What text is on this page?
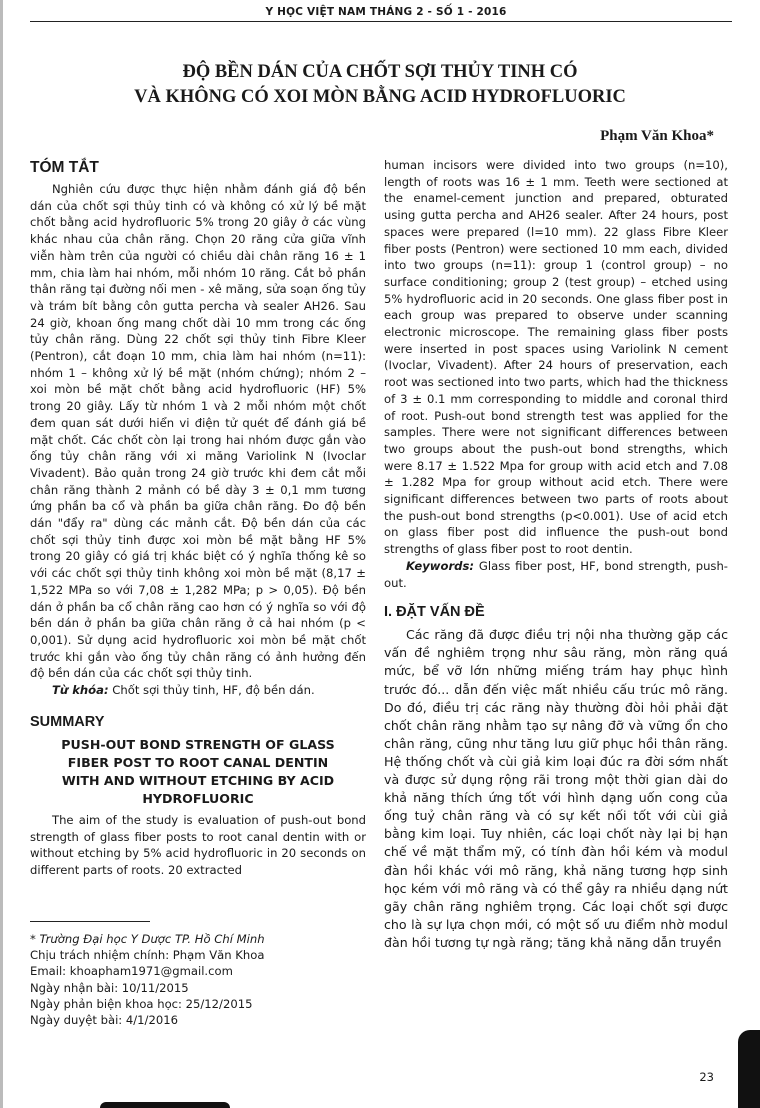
Y HỌC VIỆT NAM THÁNG 2 - SỐ 1 - 2016
ĐỘ BỀN DÁN CỦA CHỐT SỢI THỦY TINH CÓ
VÀ KHÔNG CÓ XOI MÒN BẰNG ACID HYDROFLUORIC
Phạm Văn Khoa*
TÓM TẮT

Nghiên cứu được thực hiện nhằm đánh giá độ bền dán của chốt sợi thủy tinh có và không có xử lý bề mặt chốt bằng acid hydrofluoric 5% trong 20 giây ở các vùng khác nhau của chân răng. Chọn 20 răng cửa giữa vĩnh viễn hàm trên của người có chiều dài chân răng 16 ± 1 mm, chia làm hai nhóm, mỗi nhóm 10 răng. Cắt bỏ phần thân răng tại đường nối men - xê măng, sửa soạn ống tủy và trám bít bằng côn gutta percha và sealer AH26. Sau 24 giờ, khoan ống mang chốt dài 10 mm trong các ống tủy chân răng. Dùng 22 chốt sợi thủy tinh Fibre Kleer (Pentron), cắt đoạn 10 mm, chia làm hai nhóm (n=11): nhóm 1 – không xử lý bề mặt (nhóm chứng); nhóm 2 – xoi mòn bề mặt chốt bằng acid hydrofluoric (HF) 5% trong 20 giây. Lấy từ nhóm 1 và 2 mỗi nhóm một chốt đem quan sát dưới hiển vi điện tử quét để đánh giá bề mặt chốt. Các chốt còn lại trong hai nhóm được gắn vào ống tủy chân răng với xi măng Variolink N (Ivoclar Vivadent). Bảo quản trong 24 giờ trước khi đem cắt mỗi chân răng thành 2 mảnh có bề dày 3 ± 0,1 mm tương ứng phần ba cổ và phần ba giữa chân răng. Đo độ bền dán "đẩy ra" dùng các mảnh cắt. Độ bền dán của các chốt sợi thủy tinh được xoi mòn bề mặt bằng HF 5% trong 20 giây có giá trị khác biệt có ý nghĩa thống kê so với các chốt sợi thủy tinh không xoi mòn bề mặt (8,17 ± 1,522 MPa so với 7,08 ± 1,282 MPa; p > 0,05). Độ bền dán ở phần ba cổ chân răng cao hơn có ý nghĩa so với độ bền dán ở phần ba giữa chân răng ở cả hai nhóm (p < 0,001). Sử dụng acid hydrofluoric xoi mòn bề mặt chốt trước khi gắn vào ống tủy chân răng có ảnh hưởng đến độ bền dán của các chốt sợi thủy tinh.

Từ khóa: Chốt sợi thủy tinh, HF, độ bền dán.

SUMMARY
PUSH-OUT BOND STRENGTH OF GLASS
FIBER POST TO ROOT CANAL DENTIN
WITH AND WITHOUT ETCHING BY ACID
HYDROFLUORIC

The aim of the study is evaluation of push-out bond strength of glass fiber posts to root canal dentin with or without etching by 5% acid hydrofluoric in 20 seconds on different parts of roots. 20 extracted

human incisors were divided into two groups (n=10), length of roots was 16 ± 1 mm. Teeth were sectioned at the enamel-cement junction and prepared, obturated using gutta percha and AH26 sealer. After 24 hours, post spaces were prepared (l=10 mm). 22 glass Fibre Kleer fiber posts (Pentron) were sectioned 10 mm each, divided into two groups (n=11): group 1 (control group) – no surface conditioning; group 2 (test group) – etched using 5% hydrofluoric acid in 20 seconds. One glass fiber post in each group was prepared to observe under scanning electronic microscope. The remaining glass fiber posts were inserted in post spaces using Variolink N cement (Ivoclar, Vivadent). After 24 hours of preservation, each root was sectioned into two parts, which had the thickness of 3 ± 0.1 mm corresponding to middle and coronal third of root. Push-out bond strength test was applied for the samples. There were not significant differences between two groups about the push-out bond strengths, which were 8.17 ± 1.522 Mpa for group with acid etch and 7.08 ± 1.282 Mpa for group without acid etch. There were significant differences between two parts of roots about the push-out bond strengths (p<0.001). Use of acid etch on glass fiber post did influence the push-out bond strengths of glass fiber post to root dentin.

Keywords: Glass fiber post, HF, bond strength, push-out.

I. ĐẶT VẤN ĐỀ

Các răng đã được điều trị nội nha thường gặp các vấn đề nghiêm trọng như sâu răng, mòn răng quá mức, bể vỡ lớn những miếng trám hay phục hình trước đó... dẫn đến việc mất nhiều cấu trúc mô răng. Do đó, điều trị các răng này thường đòi hỏi phải đặt chốt chân răng nhằm tạo sự nâng đỡ và vững ổn cho chân răng, cũng như tăng lưu giữ phục hồi thân răng. Hệ thống chốt và cùi giả kim loại đúc ra đời sớm nhất và được sử dụng rộng rãi trong một thời gian dài do khả năng thích ứng tốt với hình dạng uốn cong của ống tuỷ chân răng và có sự kết nối tốt với cùi giả bằng kim loại. Tuy nhiên, các loại chốt này lại bị hạn chế về mặt thẩm mỹ, có tính đàn hồi kém và modul đàn hồi khác với mô răng, khả năng tương hợp sinh học kém với mô răng và có thể gây ra nhiều dạng nứt gãy chân răng nghiêm trọng. Các loại chốt sợi được cho là sự lựa chọn mới, có một số ưu điểm nhờ modul đàn hồi tương tự ngà răng; tăng khả năng dẫn truyền

* Trường Đại học Y Dược TP. Hồ Chí Minh
Chịu trách nhiệm chính: Phạm Văn Khoa
Email: khoapham1971@gmail.com
Ngày nhận bài: 10/11/2015
Ngày phản biện khoa học: 25/12/2015
Ngày duyệt bài: 4/1/2016
23
